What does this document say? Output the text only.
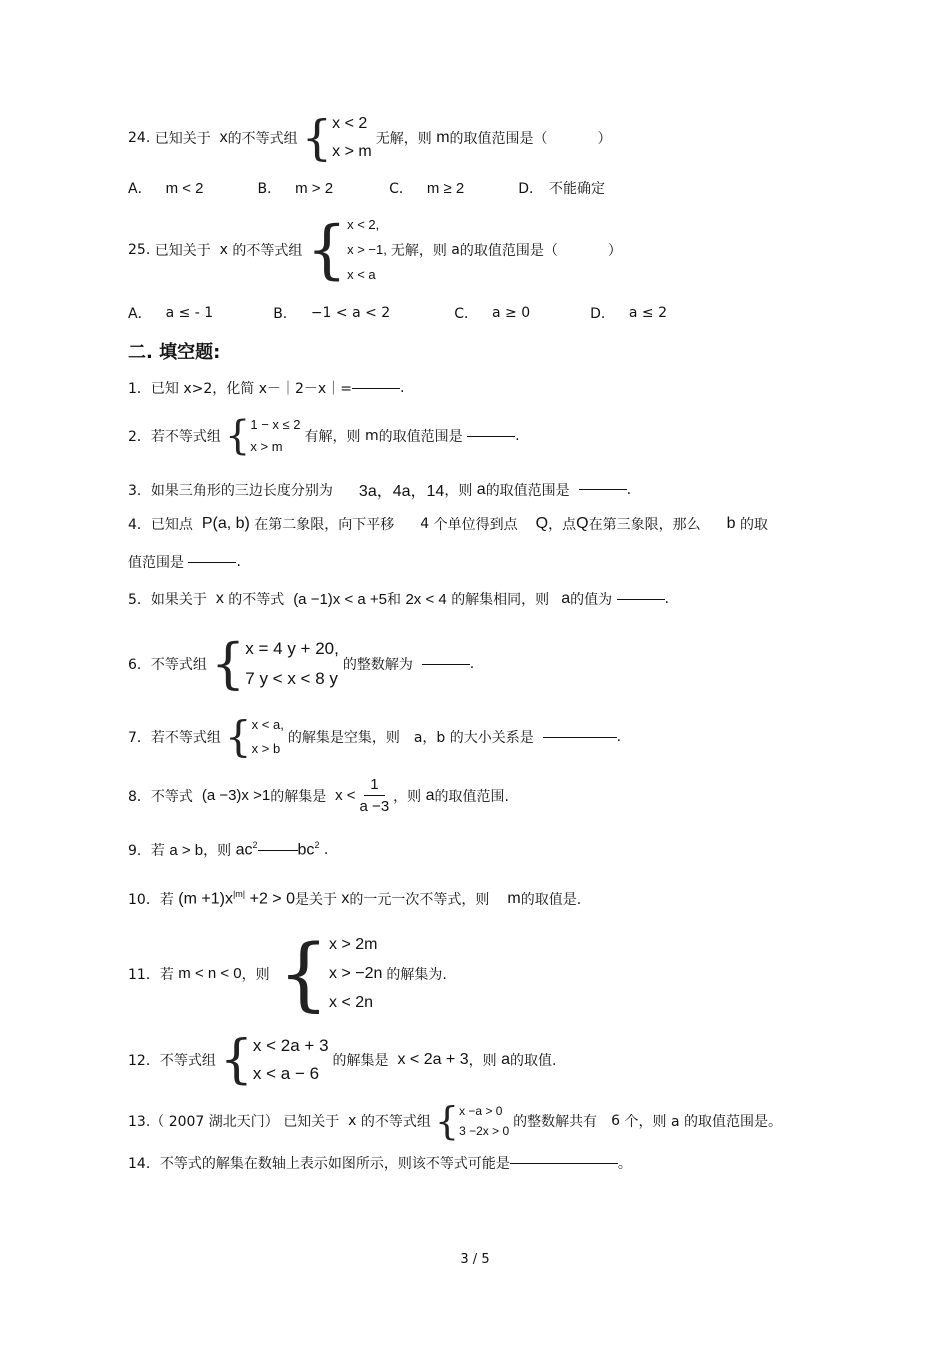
24.
已知关于
x 的不等式组 { x < 2
x > m
无解，则
m 的取值范围是（	）
A． m < 2	B． m > 2	C． m ≥ 2	D． 不能确定
25.
已知关于
x
的不等式组 { x < 2,
x > −1,
x < a
无解，则
a 的取值范围是（	）
A． a ≤ - 1	B． −1 < a < 2	C． a ≥ 0	D． a ≤ 2
二. 填空题:
1．已知 x>2，化简 x－｜2－x｜=	.
2．若不等式组 { 1 − x ≤ 2
x > m
有解，则
m 的取值范围是
	.
3．如果三角形的三边长度分别为 3a，4a，14 ，则
a 的取值范围是
	.
4．已知点
P(a, b)
在第二象限，向下平移 4
个单位得到点 Q ，点 Q 在第三象限，那么 b
的取
值范围是
	.
5．如果关于
x
的不等式
(a −1)x < a +5 和
2x < 4
的解集相同，则 a 的值为
	.
6．不等式组 { x = 4 y + 20,
7 y < x < 8 y
的整数解为
	.
7．若不等式组 { x < a,
x > b
的解集是空集，则 a，b
的大小关系是
	.
8．不等式
(a −3)x >1 的解集是
$x < \frac{1}{a -3}$ ，则
a 的取值范围.
9．若
a > b ，则
$ac^2$	$bc^2$
.
10．若
$(m +1)x^{|m|} +2 > 0$ 是关于
x 的一元一次不等式，则 m 的取值是.
11．若
m < n < 0 ，则
{ x > 2m
x > −2n
x < 2n
的解集为.
12．不等式组 { x < 2a + 3
x < a − 6
的解集是
x < 2a + 3 ，则
a 的取值.
13.（ 2007 湖北天门） 已知关于
x
的不等式组 { x −a > 0
3 −2x > 0
的整数解共有 6
个，则 a 的取值范围是。
14．不等式的解集在数轴上表示如图所示，则该不等式可能是	。
3 / 5
